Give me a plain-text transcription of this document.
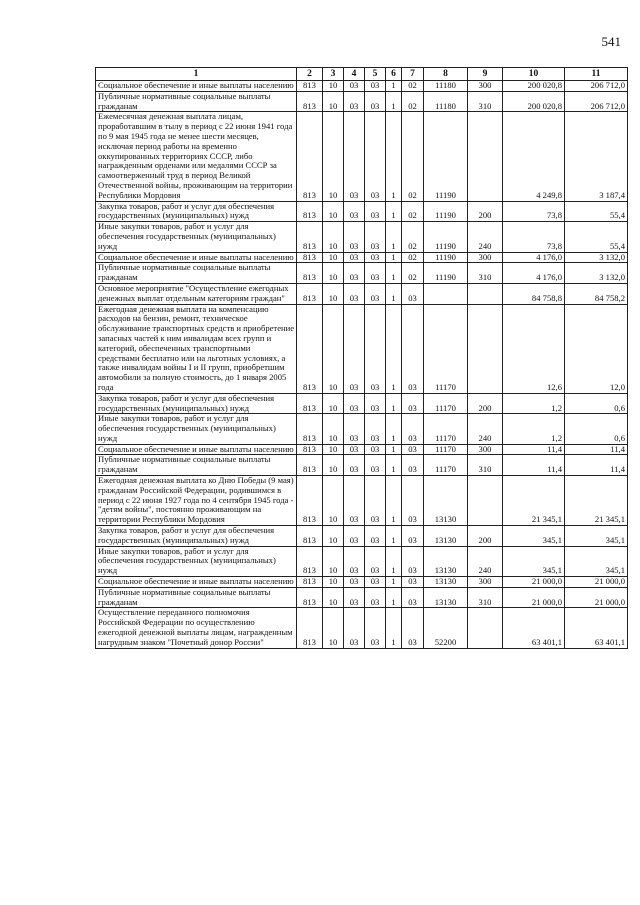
541
1	2	3	4	5	6	7	8	9	10	11
Социальное обеспечение и иные выплаты населению	813	10	03	03	1	02	11180	300	200 020,8	206 712,0
Публичные нормативные социальные выплаты гражданам	813	10	03	03	1	02	11180	310	200 020,8	206 712,0
Ежемесячная денежная выплата лицам, проработавшим в тылу в период с 22 июня 1941 года по 9 мая 1945 года не менее шести месяцев, исключая период работы на временно оккупированных территориях СССР, либо награжденным орденами или медалями СССР за самоотверженный труд в период Великой Отечественной войны, проживающим на территории Республики Мордовия	813	10	03	03	1	02	11190		4 249,8	3 187,4
Закупка товаров, работ и услуг для обеспечения государственных (муниципальных) нужд	813	10	03	03	1	02	11190	200	73,8	55,4
Иные закупки товаров, работ и услуг для обеспечения государственных (муниципальных) нужд	813	10	03	03	1	02	11190	240	73,8	55,4
Социальное обеспечение и иные выплаты населению	813	10	03	03	1	02	11190	300	4 176,0	3 132,0
Публичные нормативные социальные выплаты гражданам	813	10	03	03	1	02	11190	310	4 176,0	3 132,0
Основное мероприятие "Осуществление ежегодных денежных выплат отдельным категориям граждан"	813	10	03	03	1	03			84 758,8	84 758,2
Ежегодная денежная выплата на компенсацию расходов на бензин, ремонт, техническое обслуживание транспортных средств и приобретение запасных частей к ним инвалидам всех групп и категорий, обеспеченных транспортными средствами бесплатно или на льготных условиях, а также инвалидам войны I и II групп, приобретшим автомобили за полную стоимость, до 1 января 2005 года	813	10	03	03	1	03	11170		12,6	12,0
Закупка товаров, работ и услуг для обеспечения государственных (муниципальных) нужд	813	10	03	03	1	03	11170	200	1,2	0,6
Иные закупки товаров, работ и услуг для обеспечения государственных (муниципальных) нужд	813	10	03	03	1	03	11170	240	1,2	0,6
Социальное обеспечение и иные выплаты населению	813	10	03	03	1	03	11170	300	11,4	11,4
Публичные нормативные социальные выплаты гражданам	813	10	03	03	1	03	11170	310	11,4	11,4
Ежегодная денежная выплата ко Дню Победы (9 мая) гражданам Российской Федерации, родившимся в период с 22 июня 1927 года по 4 сентября 1945 года - "детям войны", постоянно проживающим на территории Республики Мордовия	813	10	03	03	1	03	13130		21 345,1	21 345,1
Закупка товаров, работ и услуг для обеспечения государственных (муниципальных) нужд	813	10	03	03	1	03	13130	200	345,1	345,1
Иные закупки товаров, работ и услуг для обеспечения государственных (муниципальных) нужд	813	10	03	03	1	03	13130	240	345,1	345,1
Социальное обеспечение и иные выплаты населению	813	10	03	03	1	03	13130	300	21 000,0	21 000,0
Публичные нормативные социальные выплаты гражданам	813	10	03	03	1	03	13130	310	21 000,0	21 000,0
Осуществление переданного полномочия Российской Федерации по осуществлению ежегодной денежной выплаты лицам, награжденным нагрудным знаком "Почетный донор России"	813	10	03	03	1	03	52200		63 401,1	63 401,1
